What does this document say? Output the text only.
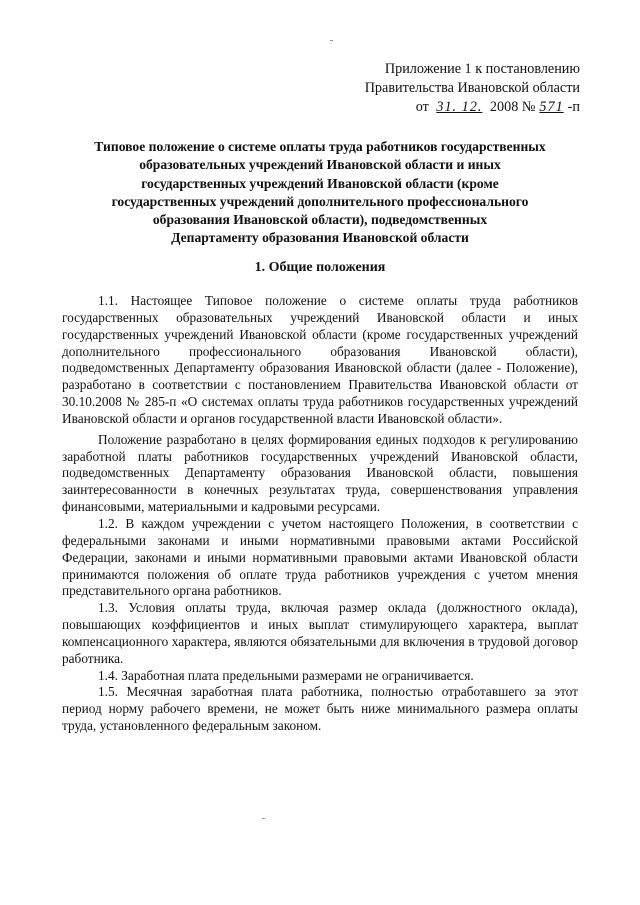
Приложение 1 к постановлению
Правительства Ивановской области
от 31. 12. 2008 № 571 -п
Типовое положение о системе оплаты труда работников государственных
образовательных учреждений Ивановской области и иных
государственных учреждений Ивановской области (кроме
государственных учреждений дополнительного профессионального
образования Ивановской области), подведомственных
Департаменту образования Ивановской области
1. Общие положения

1.1. Настоящее Типовое положение о системе оплаты труда работников государственных образовательных учреждений Ивановской области и иных государственных учреждений Ивановской области (кроме государственных учреждений дополнительного профессионального образования Ивановской области), подведомственных Департаменту образования Ивановской области (далее - Положение), разработано в соответствии с постановлением Правительства Ивановской области от 30.10.2008 № 285-п «О системах оплаты труда работников государственных учреждений Ивановской области и органов государственной власти Ивановской области».

Положение разработано в целях формирования единых подходов к регулированию заработной платы работников государственных учреждений Ивановской области, подведомственных Департаменту образования Ивановской области, повышения заинтересованности в конечных результатах труда, совершенствования управления финансовыми, материальными и кадровыми ресурсами.

1.2. В каждом учреждении с учетом настоящего Положения, в соответствии с федеральными законами и иными нормативными правовыми актами Российской Федерации, законами и иными нормативными правовыми актами Ивановской области принимаются положения об оплате труда работников учреждения с учетом мнения представительного органа работников.

1.3. Условия оплаты труда, включая размер оклада (должностного оклада), повышающих коэффициентов и иных выплат стимулирующего характера, выплат компенсационного характера, являются обязательными для включения в трудовой договор работника.

1.4. Заработная плата предельными размерами не ограничивается.

1.5. Месячная заработная плата работника, полностью отработавшего за этот период норму рабочего времени, не может быть ниже минимального размера оплаты труда, установленного федеральным законом.
